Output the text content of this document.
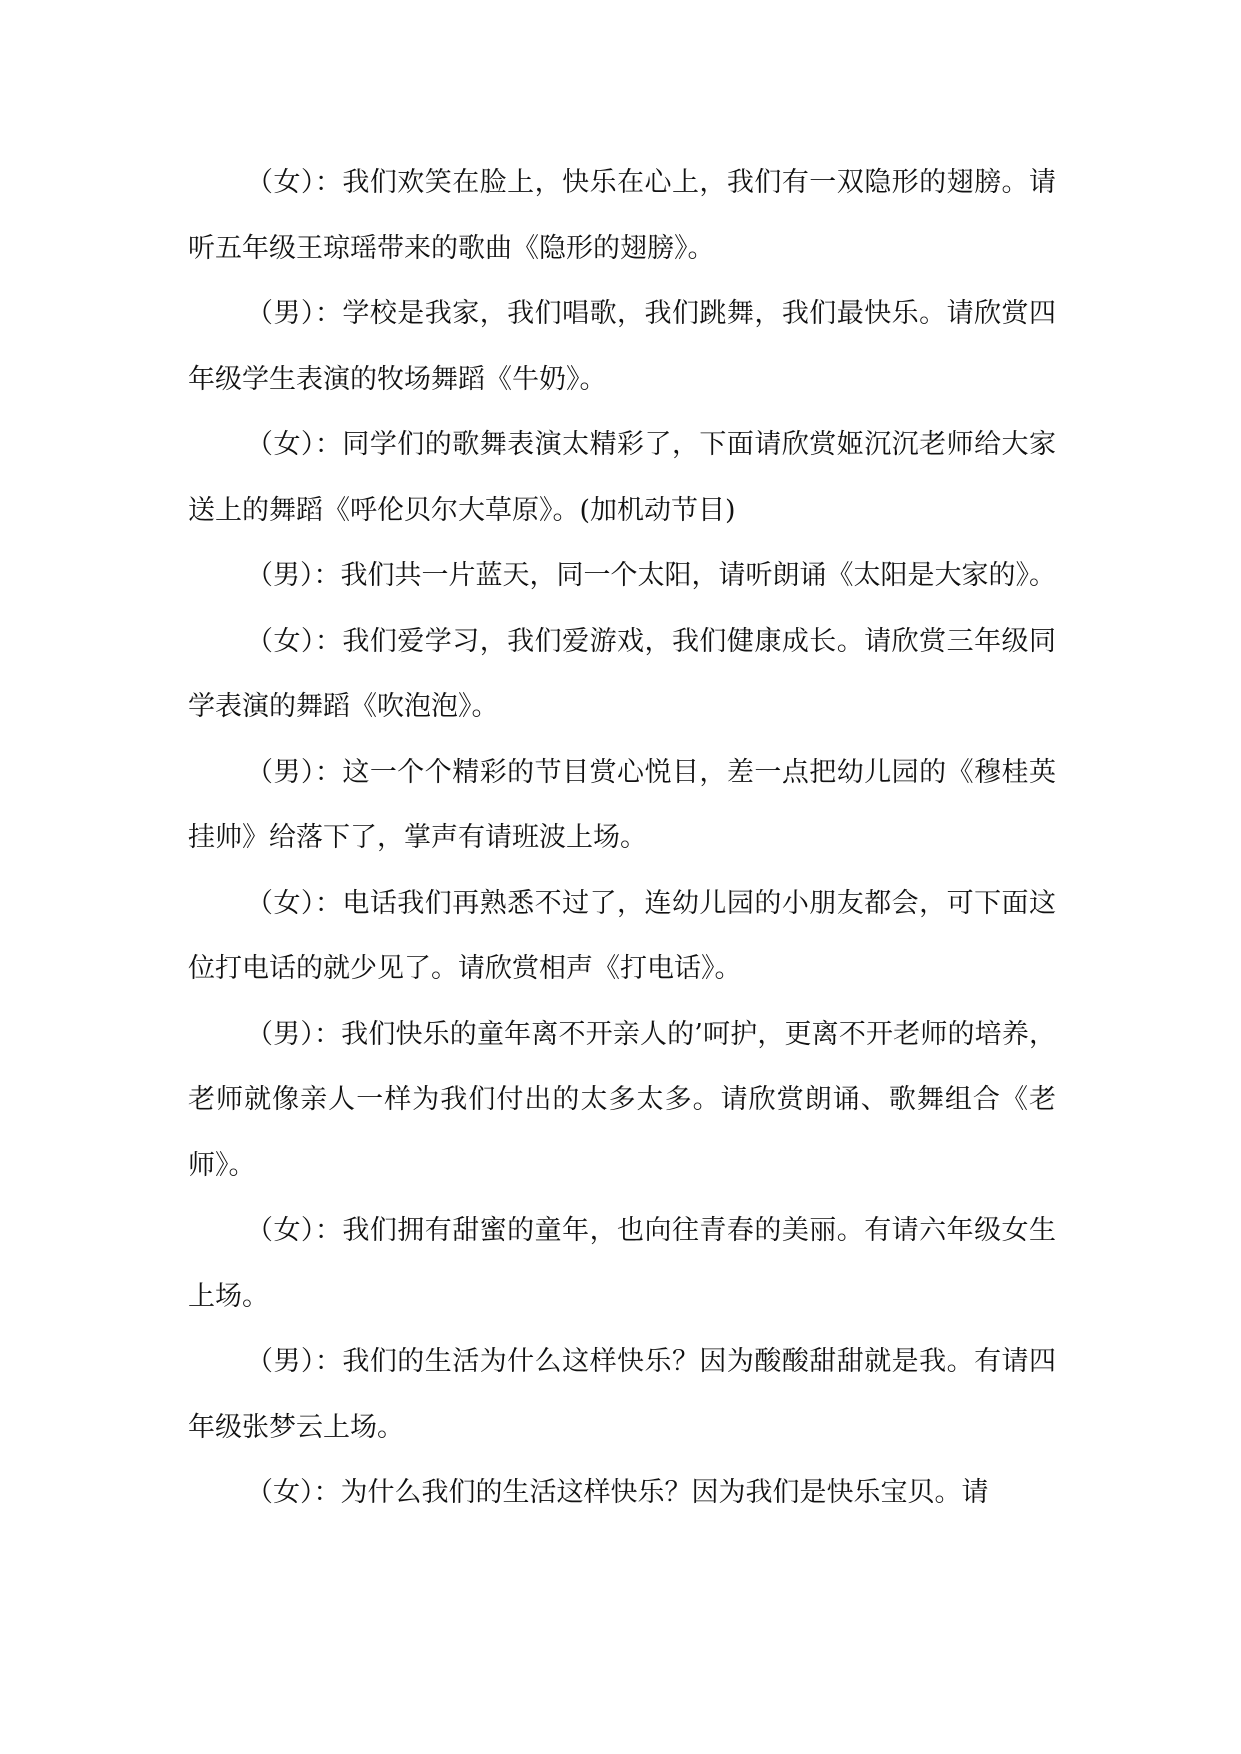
（女）：我们欢笑在脸上，快乐在心上，我们有一双隐形的翅膀。请听五年级王琼瑶带来的歌曲《隐形的翅膀》。

（男）：学校是我家，我们唱歌，我们跳舞，我们最快乐。请欣赏四年级学生表演的牧场舞蹈《牛奶》。

（女）：同学们的歌舞表演太精彩了，下面请欣赏姬沉沉老师给大家送上的舞蹈《呼伦贝尔大草原》。(加机动节目)

（男）：我们共一片蓝天，同一个太阳，请听朗诵《太阳是大家的》。

（女）：我们爱学习，我们爱游戏，我们健康成长。请欣赏三年级同学表演的舞蹈《吹泡泡》。

（男）：这一个个精彩的节目赏心悦目，差一点把幼儿园的《穆桂英挂帅》给落下了，掌声有请班波上场。

（女）：电话我们再熟悉不过了，连幼儿园的小朋友都会，可下面这位打电话的就少见了。请欣赏相声《打电话》。

（男）：我们快乐的童年离不开亲人的’呵护，更离不开老师的培养，老师就像亲人一样为我们付出的太多太多。请欣赏朗诵、歌舞组合《老师》。

（女）：我们拥有甜蜜的童年，也向往青春的美丽。有请六年级女生上场。

（男）：我们的生活为什么这样快乐？因为酸酸甜甜就是我。有请四年级张梦云上场。

（女）：为什么我们的生活这样快乐？因为我们是快乐宝贝。请
